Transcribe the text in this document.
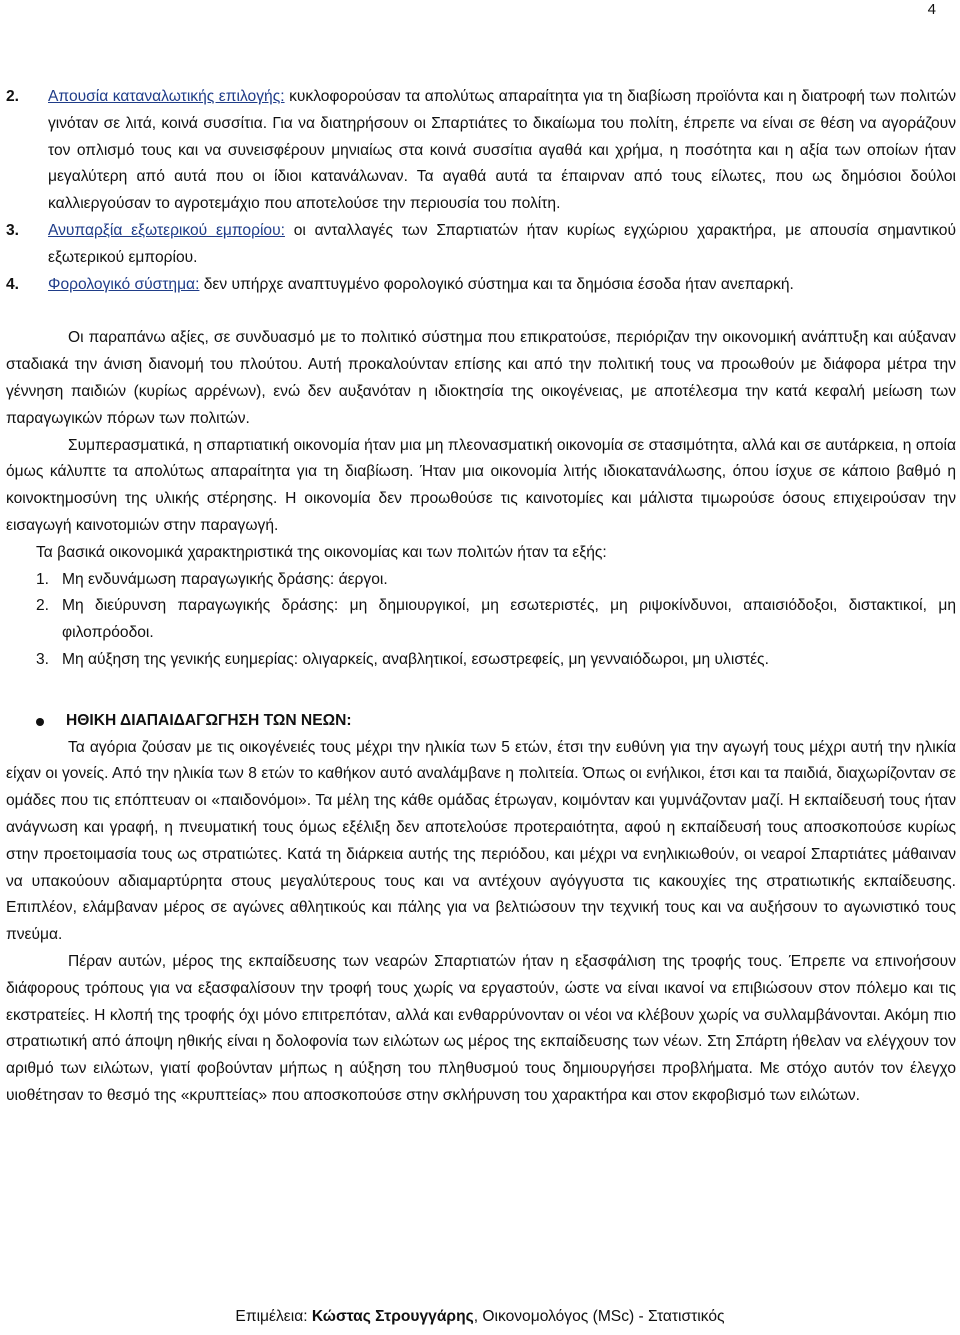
4
2. Απουσία καταναλωτικής επιλογής: κυκλοφορούσαν τα απολύτως απαραίτητα για τη διαβίωση προϊόντα και η διατροφή των πολιτών γινόταν σε λιτά, κοινά συσσίτια. Για να διατηρήσουν οι Σπαρτιάτες το δικαίωμα του πολίτη, έπρεπε να είναι σε θέση να αγοράζουν τον οπλισμό τους και να συνεισφέρουν μηνιαίως στα κοινά συσσίτια αγαθά και χρήμα, η ποσότητα και η αξία των οποίων ήταν μεγαλύτερη από αυτά που οι ίδιοι κατανάλωναν. Τα αγαθά αυτά τα έπαιρναν από τους είλωτες, που ως δημόσιοι δούλοι καλλιεργούσαν το αγροτεμάχιο που αποτελούσε την περιουσία του πολίτη.
3. Ανυπαρξία εξωτερικού εμπορίου: οι ανταλλαγές των Σπαρτιατών ήταν κυρίως εγχώριου χαρακτήρα, με απουσία σημαντικού εξωτερικού εμπορίου.
4. Φορολογικό σύστημα: δεν υπήρχε αναπτυγμένο φορολογικό σύστημα και τα δημόσια έσοδα ήταν ανεπαρκή.

Οι παραπάνω αξίες, σε συνδυασμό με το πολιτικό σύστημα που επικρατούσε, περιόριζαν την οικονομική ανάπτυξη και αύξαναν σταδιακά την άνιση διανομή του πλούτου. Αυτή προκαλούνταν επίσης και από την πολιτική τους να προωθούν με διάφορα μέτρα την γέννηση παιδιών (κυρίως αρρένων), ενώ δεν αυξανόταν η ιδιοκτησία της οικογένειας, με αποτέλεσμα την κατά κεφαλή μείωση των παραγωγικών πόρων των πολιτών.

Συμπερασματικά, η σπαρτιατική οικονομία ήταν μια μη πλεονασματική οικονομία σε στασιμότητα, αλλά και σε αυτάρκεια, η οποία όμως κάλυπτε τα απολύτως απαραίτητα για τη διαβίωση. Ήταν μια οικονομία λιτής ιδιοκατανάλωσης, όπου ίσχυε σε κάποιο βαθμό η κοινοκτημοσύνη της υλικής στέρησης. Η οικονομία δεν προωθούσε τις καινοτομίες και μάλιστα τιμωρούσε όσους επιχειρούσαν την εισαγωγή καινοτομιών στην παραγωγή.

Τα βασικά οικονομικά χαρακτηριστικά της οικονομίας και των πολιτών ήταν τα εξής:

1. Μη ενδυνάμωση παραγωγικής δράσης: άεργοι.
2. Μη διεύρυνση παραγωγικής δράσης: μη δημιουργικοί, μη εσωτεριστές, μη ριψοκίνδυνοι, απαισιόδοξοι, διστακτικοί, μη φιλοπρόοδοι.
3. Μη αύξηση της γενικής ευημερίας: ολιγαρκείς, αναβλητικοί, εσωστρεφείς, μη γενναιόδωροι, μη υλιστές.
ΗΘΙΚΗ ΔΙΑΠΑΙΔΑΓΩΓΗΣΗ ΤΩΝ ΝΕΩΝ:

Τα αγόρια ζούσαν με τις οικογένειές τους μέχρι την ηλικία των 5 ετών, έτσι την ευθύνη για την αγωγή τους μέχρι αυτή την ηλικία είχαν οι γονείς. Από την ηλικία των 8 ετών το καθήκον αυτό αναλάμβανε η πολιτεία. Όπως οι ενήλικοι, έτσι και τα παιδιά, διαχωρίζονταν σε ομάδες που τις επόπτευαν οι «παιδονόμοι». Τα μέλη της κάθε ομάδας έτρωγαν, κοιμόνταν και γυμνάζονταν μαζί. Η εκπαίδευσή τους ήταν ανάγνωση και γραφή, η πνευματική τους όμως εξέλιξη δεν αποτελούσε προτεραιότητα, αφού η εκπαίδευσή τους αποσκοπούσε κυρίως στην προετοιμασία τους ως στρατιώτες. Κατά τη διάρκεια αυτής της περιόδου, και μέχρι να ενηλικιωθούν, οι νεαροί Σπαρτιάτες μάθαιναν να υπακούουν αδιαμαρτύρητα στους μεγαλύτερους τους και να αντέχουν αγόγγυστα τις κακουχίες της στρατιωτικής εκπαίδευσης. Επιπλέον, ελάμβαναν μέρος σε αγώνες αθλητικούς και πάλης για να βελτιώσουν την τεχνική τους και να αυξήσουν το αγωνιστικό τους πνεύμα.

Πέραν αυτών, μέρος της εκπαίδευσης των νεαρών Σπαρτιατών ήταν η εξασφάλιση της τροφής τους. Έπρεπε να επινοήσουν διάφορους τρόπους για να εξασφαλίσουν την τροφή τους χωρίς να εργαστούν, ώστε να είναι ικανοί να επιβιώσουν στον πόλεμο και τις εκστρατείες. Η κλοπή της τροφής όχι μόνο επιτρεπόταν, αλλά και ενθαρρύνονταν οι νέοι να κλέβουν χωρίς να συλλαμβάνονται. Ακόμη πιο στρατιωτική από άποψη ηθικής είναι η δολοφονία των ειλώτων ως μέρος της εκπαίδευσης των νέων. Στη Σπάρτη ήθελαν να ελέγχουν τον αριθμό των ειλώτων, γιατί φοβούνταν μήπως η αύξηση του πληθυσμού τους δημιουργήσει προβλήματα. Με στόχο αυτόν τον έλεγχο υιοθέτησαν το θεσμό της «κρυπτείας» που αποσκοπούσε στην σκλήρυνση του χαρακτήρα και στον εκφοβισμό των ειλώτων.

Επιμέλεια: Κώστας Στρουγγάρης, Οικονομολόγος (MSc) - Στατιστικός
